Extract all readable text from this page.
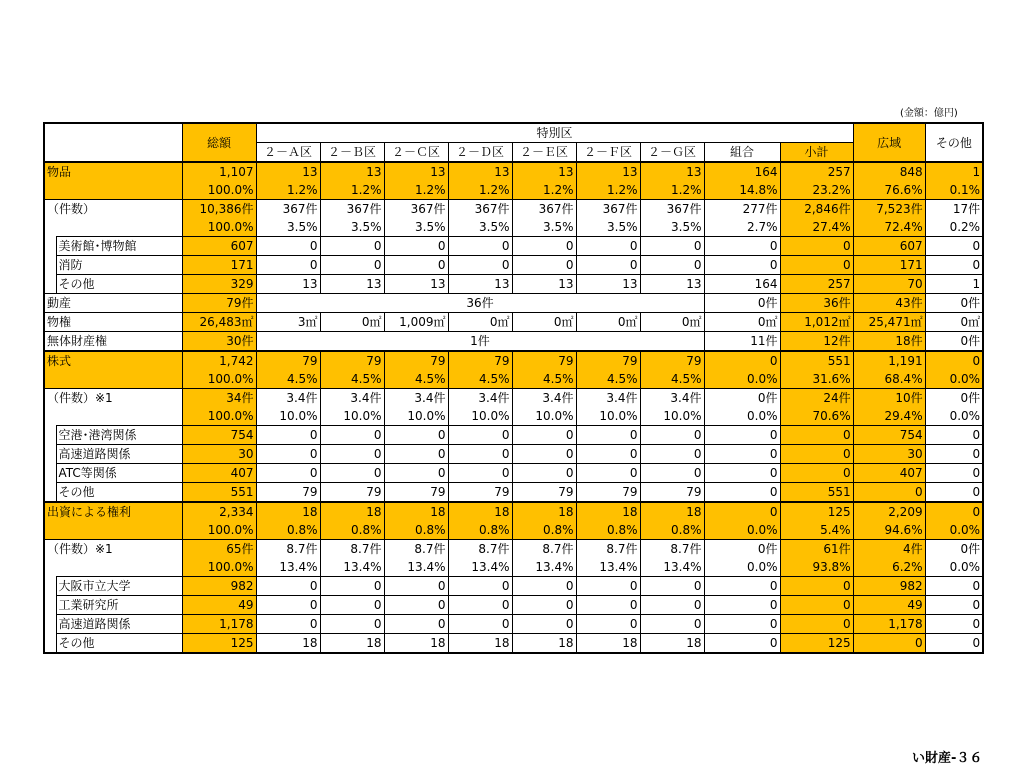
(金額：億円)
		総額	特別区									広域	その他
			２－Ａ区	２－Ｂ区	２－Ｃ区	２－Ｄ区	２－Ｅ区	２－Ｆ区	２－Ｇ区	組合	小計		
物品		1,107	13	13	13	13	13	13	13	164	257	848	1
		100.0%	1.2%	1.2%	1.2%	1.2%	1.2%	1.2%	1.2%	14.8%	23.2%	76.6%	0.1%
（件数）		10,386件	367件	367件	367件	367件	367件	367件	367件	277件	2,846件	7,523件	17件
		100.0%	3.5%	3.5%	3.5%	3.5%	3.5%	3.5%	3.5%	2.7%	27.4%	72.4%	0.2%
	美術館･博物館	607	0	0	0	0	0	0	0	0	0	607	0
	消防	171	0	0	0	0	0	0	0	0	0	171	0
	その他	329	13	13	13	13	13	13	13	164	257	70	1
動産		79件	36件							0件	36件	43件	0件
物権		26,483㎡	3㎡	0㎡	1,009㎡	0㎡	0㎡	0㎡	0㎡	0㎡	1,012㎡	25,471㎡	0㎡
無体財産権		30件	1件							11件	12件	18件	0件
株式		1,742	79	79	79	79	79	79	79	0	551	1,191	0
		100.0%	4.5%	4.5%	4.5%	4.5%	4.5%	4.5%	4.5%	0.0%	31.6%	68.4%	0.0%
（件数）※1		34件	3.4件	3.4件	3.4件	3.4件	3.4件	3.4件	3.4件	0件	24件	10件	0件
		100.0%	10.0%	10.0%	10.0%	10.0%	10.0%	10.0%	10.0%	0.0%	70.6%	29.4%	0.0%
	空港･港湾関係	754	0	0	0	0	0	0	0	0	0	754	0
	高速道路関係	30	0	0	0	0	0	0	0	0	0	30	0
	ATC等関係	407	0	0	0	0	0	0	0	0	0	407	0
	その他	551	79	79	79	79	79	79	79	0	551	0	0
出資による権利		2,334	18	18	18	18	18	18	18	0	125	2,209	0
		100.0%	0.8%	0.8%	0.8%	0.8%	0.8%	0.8%	0.8%	0.0%	5.4%	94.6%	0.0%
（件数）※1		65件	8.7件	8.7件	8.7件	8.7件	8.7件	8.7件	8.7件	0件	61件	4件	0件
		100.0%	13.4%	13.4%	13.4%	13.4%	13.4%	13.4%	13.4%	0.0%	93.8%	6.2%	0.0%
	大阪市立大学	982	0	0	0	0	0	0	0	0	0	982	0
	工業研究所	49	0	0	0	0	0	0	0	0	0	49	0
	高速道路関係	1,178	0	0	0	0	0	0	0	0	0	1,178	0
	その他	125	18	18	18	18	18	18	18	0	125	0	0
い財産-３６
